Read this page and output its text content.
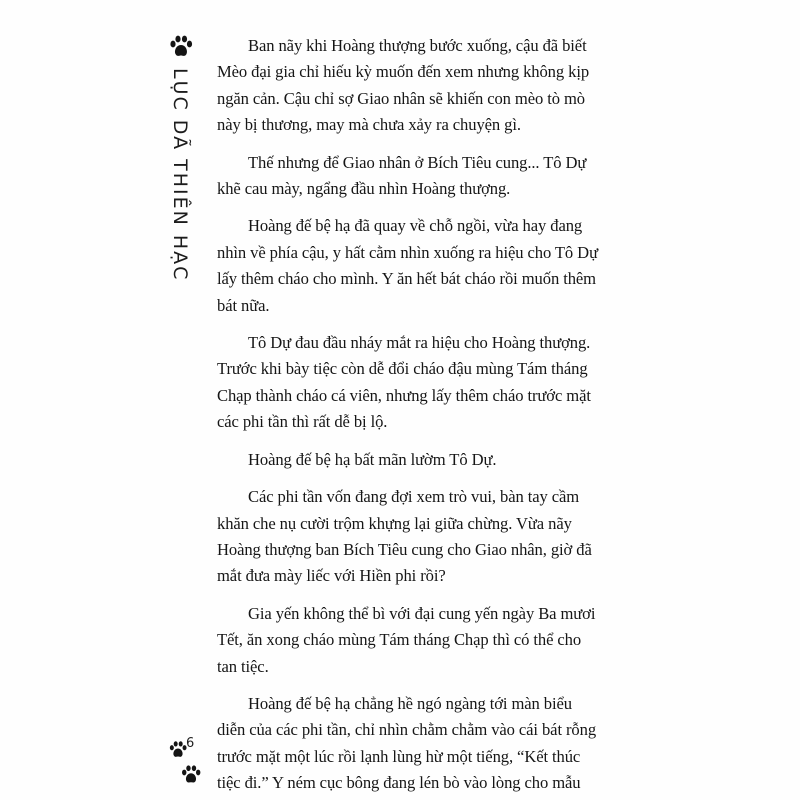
LỤC DÃ THIÊN HẠC

Ban nãy khi Hoàng thượng bước xuống, cậu đã biết
Mèo đại gia chỉ hiếu kỳ muốn đến xem nhưng không kịp
ngăn cản. Cậu chỉ sợ Giao nhân sẽ khiến con mèo tò mò
này bị thương, may mà chưa xảy ra chuyện gì.

Thế nhưng để Giao nhân ở Bích Tiêu cung... Tô Dự
khẽ cau mày, ngẩng đầu nhìn Hoàng thượng.

Hoàng đế bệ hạ đã quay về chỗ ngồi, vừa hay đang
nhìn về phía cậu, y hất cằm nhìn xuống ra hiệu cho Tô Dự
lấy thêm cháo cho mình. Y ăn hết bát cháo rồi muốn thêm
bát nữa.

Tô Dự đau đầu nháy mắt ra hiệu cho Hoàng thượng.
Trước khi bày tiệc còn dễ đổi cháo đậu mùng Tám tháng
Chạp thành cháo cá viên, nhưng lấy thêm cháo trước mặt
các phi tần thì rất dễ bị lộ.

Hoàng đế bệ hạ bất mãn lườm Tô Dự.

Các phi tần vốn đang đợi xem trò vui, bàn tay cầm
khăn che nụ cười trộm khựng lại giữa chừng. Vừa nãy
Hoàng thượng ban Bích Tiêu cung cho Giao nhân, giờ đã
mắt đưa mày liếc với Hiền phi rồi?

Gia yến không thể bì với đại cung yến ngày Ba mươi
Tết, ăn xong cháo mùng Tám tháng Chạp thì có thể cho
tan tiệc.

Hoàng đế bệ hạ chẳng hề ngó ngàng tới màn biểu
diễn của các phi tần, chỉ nhìn chằm chằm vào cái bát rỗng
trước mặt một lúc rồi lạnh lùng hừ một tiếng, “Kết thúc
tiệc đi.” Y ném cục bông đang lén bò vào lòng cho mẫu

6
